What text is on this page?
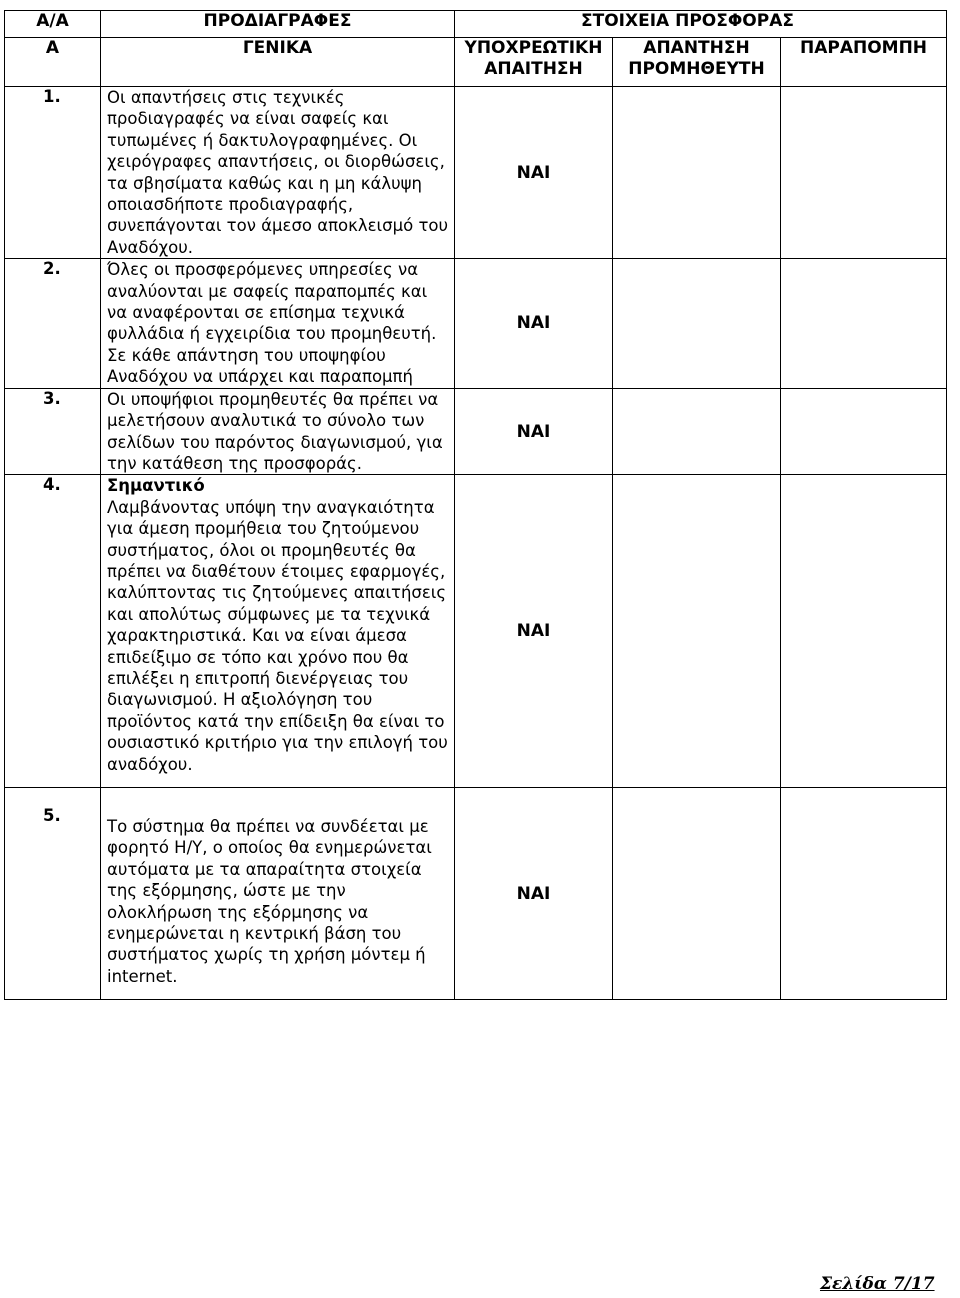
Α/Α	ΠΡΟΔΙΑΓΡΑΦΕΣ	ΣΤΟΙΧΕΙΑ ΠΡΟΣΦΟΡΑΣ		
Α	ΓΕΝΙΚΑ	ΥΠΟΧΡΕΩΤΙΚΗ ΑΠΑΙΤΗΣΗ	ΑΠΑΝΤΗΣΗ ΠΡΟΜΗΘΕΥΤΗ	ΠΑΡΑΠΟΜΠΗ
1.	Οι απαντήσεις στις τεχνικές προδιαγραφές να είναι σαφείς και τυπωμένες ή δακτυλογραφημένες. Οι χειρόγραφες απαντήσεις, οι διορθώσεις, τα σβησίματα καθώς και η μη κάλυψη οποιασδήποτε προδιαγραφής, συνεπάγονται τον άμεσο αποκλεισμό του Αναδόχου.	ΝΑΙ		
2.	Όλες οι προσφερόμενες υπηρεσίες να αναλύονται με σαφείς παραπομπές και να αναφέρονται σε επίσημα τεχνικά φυλλάδια ή εγχειρίδια του προμηθευτή. Σε κάθε απάντηση του υποψηφίου Αναδόχου να υπάρχει και παραπομπή	ΝΑΙ		
3.	Οι υποψήφιοι προμηθευτές θα πρέπει να μελετήσουν αναλυτικά το σύνολο των σελίδων του παρόντος διαγωνισμού, για την κατάθεση της προσφοράς.	ΝΑΙ		
4.	Σημαντικό
Λαμβάνοντας υπόψη την αναγκαιότητα για άμεση προμήθεια του ζητούμενου συστήματος, όλοι οι προμηθευτές θα πρέπει να διαθέτουν έτοιμες εφαρμογές, καλύπτοντας τις ζητούμενες απαιτήσεις και απολύτως σύμφωνες με τα τεχνικά χαρακτηριστικά. Και να είναι άμεσα επιδείξιμο σε τόπο και χρόνο που θα επιλέξει η επιτροπή διενέργειας του διαγωνισμού. Η αξιολόγηση του προϊόντος κατά την επίδειξη θα είναι το ουσιαστικό κριτήριο για την επιλογή του αναδόχου.	ΝΑΙ		
5.	Το σύστημα θα πρέπει να συνδέεται με φορητό Η/Υ, ο οποίος θα ενημερώνεται αυτόματα με τα απαραίτητα στοιχεία της εξόρμησης, ώστε με την ολοκλήρωση της εξόρμησης να ενημερώνεται η κεντρική βάση του συστήματος χωρίς τη χρήση μόντεμ ή internet.	ΝΑΙ		
Σελίδα 7/17
